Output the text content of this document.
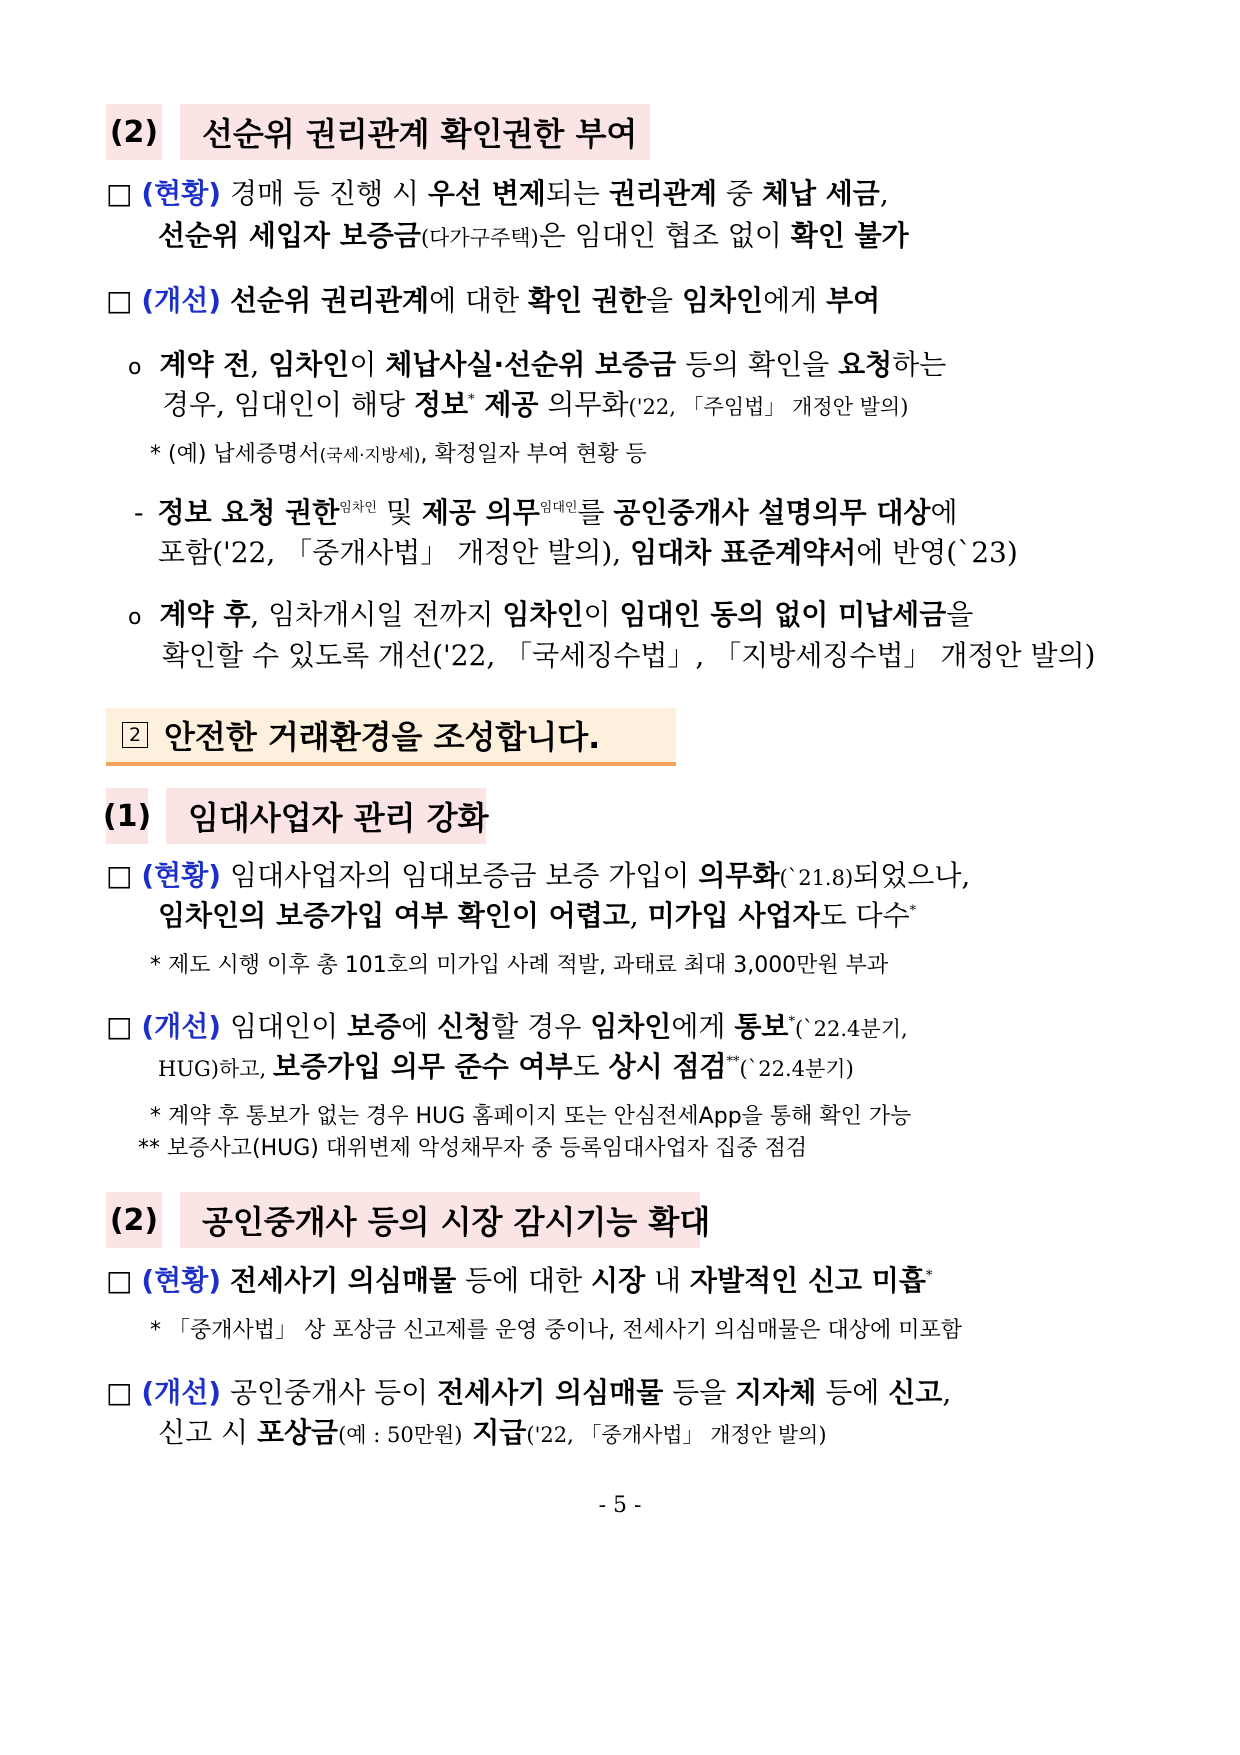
(2)	선순위 권리관계 확인권한 부여
□ (현황) 경매 등 진행 시 우선 변제되는 권리관계 중 체납 세금,
선순위 세입자 보증금(다가구주택)은 임대인 협조 없이 확인 불가
□ (개선) 선순위 권리관계에 대한 확인 권한을 임차인에게 부여
o 계약 전, 임차인이 체납사실·선순위 보증금 등의 확인을 요청하는
경우, 임대인이 해당 정보* 제공 의무화('22, 「주임법」 개정안 발의)
* (예) 납세증명서(국세·지방세), 확정일자 부여 현황 등
- 정보 요청 권한$^{임차인}$ 및 제공 의무$^{임대인}$를 공인중개사 설명의무 대상에
포함('22, 「중개사법」 개정안 발의), 임대차 표준계약서에 반영(`23)
o 계약 후, 임차개시일 전까지 임차인이 임대인 동의 없이 미납세금을
확인할 수 있도록 개선('22, 「국세징수법」, 「지방세징수법」 개정안 발의)
2 안전한 거래환경을 조성합니다.
(1)	임대사업자 관리 강화
□ (현황) 임대사업자의 임대보증금 보증 가입이 의무화(`21.8)되었으나,
임차인의 보증가입 여부 확인이 어렵고, 미가입 사업자도 다수*
* 제도 시행 이후 총 101호의 미가입 사례 적발, 과태료 최대 3,000만원 부과
□ (개선) 임대인이 보증에 신청할 경우 임차인에게 통보*(`22.4분기,
HUG)하고, 보증가입 의무 준수 여부도 상시 점검**(`22.4분기)
* 계약 후 통보가 없는 경우 HUG 홈페이지 또는 안심전세App을 통해 확인 가능
** 보증사고(HUG) 대위변제 악성채무자 중 등록임대사업자 집중 점검
(2)	공인중개사 등의 시장 감시기능 확대
□ (현황) 전세사기 의심매물 등에 대한 시장 내 자발적인 신고 미흡*
* 「중개사법」 상 포상금 신고제를 운영 중이나, 전세사기 의심매물은 대상에 미포함
□ (개선) 공인중개사 등이 전세사기 의심매물 등을 지자체 등에 신고,
신고 시 포상금(예 : 50만원) 지급('22, 「중개사법」 개정안 발의)
- 5 -
